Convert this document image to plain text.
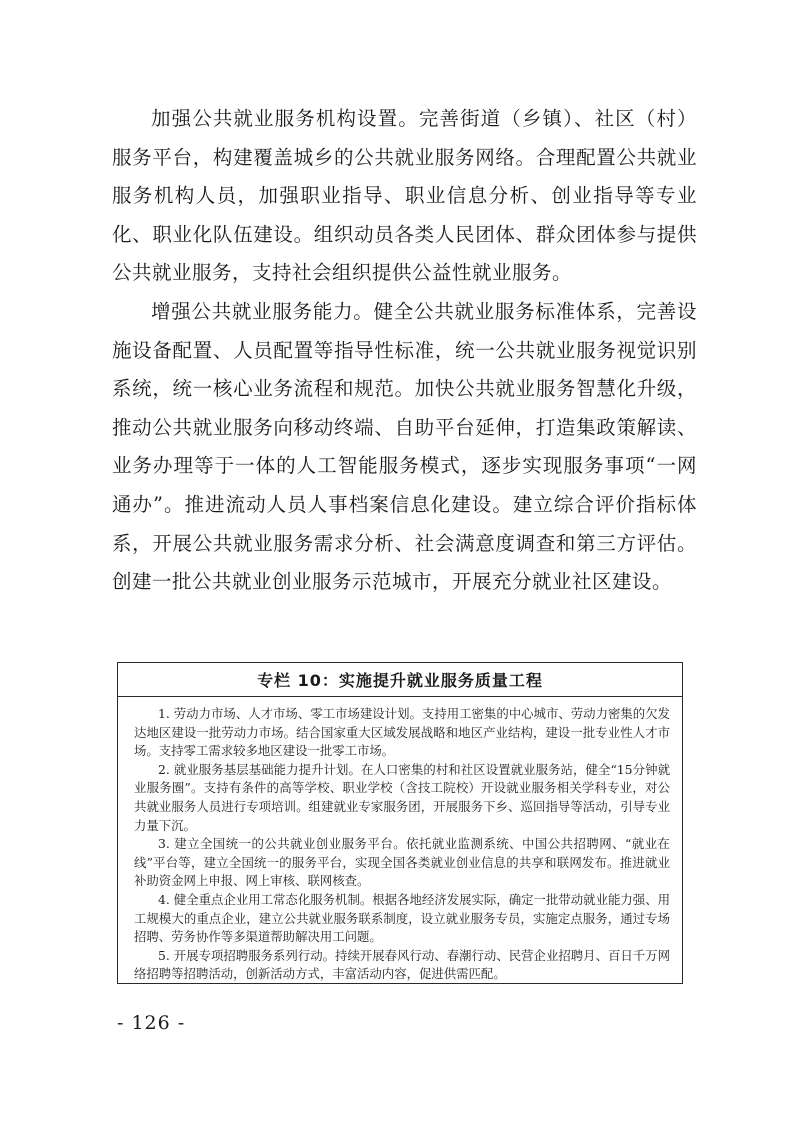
加强公共就业服务机构设置。完善街道（乡镇）、社区（村）服务平台，构建覆盖城乡的公共就业服务网络。合理配置公共就业服务机构人员，加强职业指导、职业信息分析、创业指导等专业化、职业化队伍建设。组织动员各类人民团体、群众团体参与提供公共就业服务，支持社会组织提供公益性就业服务。

增强公共就业服务能力。健全公共就业服务标准体系，完善设施设备配置、人员配置等指导性标准，统一公共就业服务视觉识别系统，统一核心业务流程和规范。加快公共就业服务智慧化升级，推动公共就业服务向移动终端、自助平台延伸，打造集政策解读、业务办理等于一体的人工智能服务模式，逐步实现服务事项“一网通办”。推进流动人员人事档案信息化建设。建立综合评价指标体系，开展公共就业服务需求分析、社会满意度调查和第三方评估。创建一批公共就业创业服务示范城市，开展充分就业社区建设。

专栏 10：实施提升就业服务质量工程

1. 劳动力市场、人才市场、零工市场建设计划。支持用工密集的中心城市、劳动力密集的欠发达地区建设一批劳动力市场。结合国家重大区域发展战略和地区产业结构，建设一批专业性人才市场。支持零工需求较多地区建设一批零工市场。

2. 就业服务基层基础能力提升计划。在人口密集的村和社区设置就业服务站，健全“15分钟就业服务圈”。支持有条件的高等学校、职业学校（含技工院校）开设就业服务相关学科专业，对公共就业服务人员进行专项培训。组建就业专家服务团，开展服务下乡、巡回指导等活动，引导专业力量下沉。

3. 建立全国统一的公共就业创业服务平台。依托就业监测系统、中国公共招聘网、“就业在线”平台等，建立全国统一的服务平台，实现全国各类就业创业信息的共享和联网发布。推进就业补助资金网上申报、网上审核、联网核查。

4. 健全重点企业用工常态化服务机制。根据各地经济发展实际，确定一批带动就业能力强、用工规模大的重点企业，建立公共就业服务联系制度，设立就业服务专员，实施定点服务，通过专场招聘、劳务协作等多渠道帮助解决用工问题。

5. 开展专项招聘服务系列行动。持续开展春风行动、春潮行动、民营企业招聘月、百日千万网络招聘等招聘活动，创新活动方式，丰富活动内容，促进供需匹配。

- 126 -
